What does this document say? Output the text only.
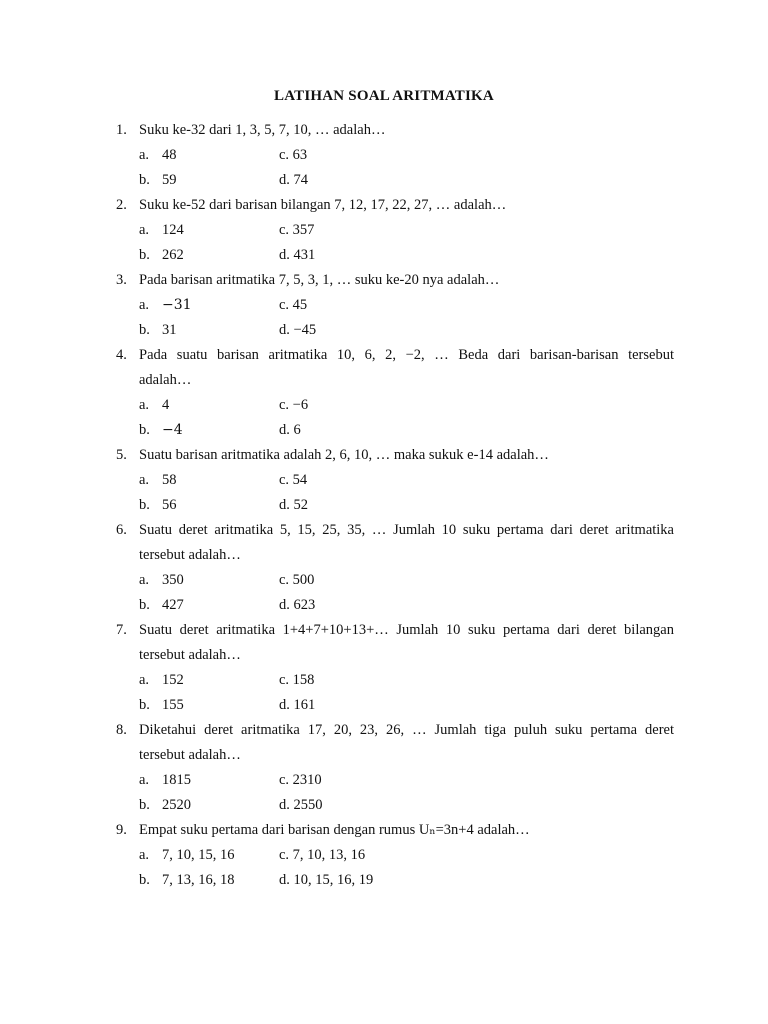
LATIHAN SOAL ARITMATIKA
1. Suku ke-32 dari 1, 3, 5, 7, 10, … adalah…
a. 48	c. 63
b. 59	d. 74
2. Suku ke-52 dari barisan bilangan 7, 12, 17, 22, 27, … adalah…
a. 124	c. 357
b. 262	d. 431
3. Pada barisan aritmatika 7, 5, 3, 1, … suku ke-20 nya adalah…
a. −31	c. 45
b. 31	d. −45
4. Pada suatu barisan aritmatika 10, 6, 2, −2, … Beda dari barisan-barisan tersebut
adalah…
a. 4	c. −6
b. −4	d. 6
5. Suatu barisan aritmatika adalah 2, 6, 10, … maka sukuk e-14 adalah…
a. 58	c. 54
b. 56	d. 52
6. Suatu deret aritmatika 5, 15, 25, 35, … Jumlah 10 suku pertama dari deret aritmatika
tersebut adalah…
a. 350	c. 500
b. 427	d. 623
7. Suatu deret aritmatika 1+4+7+10+13+… Jumlah 10 suku pertama dari deret bilangan
tersebut adalah…
a. 152	c. 158
b. 155	d. 161
8. Diketahui deret aritmatika 17, 20, 23, 26, … Jumlah tiga puluh suku pertama deret
tersebut adalah…
a. 1815	c. 2310
b. 2520	d. 2550
9. Empat suku pertama dari barisan dengan rumus Uₙ=3n+4 adalah…
a. 7, 10, 15, 16	c. 7, 10, 13, 16
b. 7, 13, 16, 18	d. 10, 15, 16, 19
